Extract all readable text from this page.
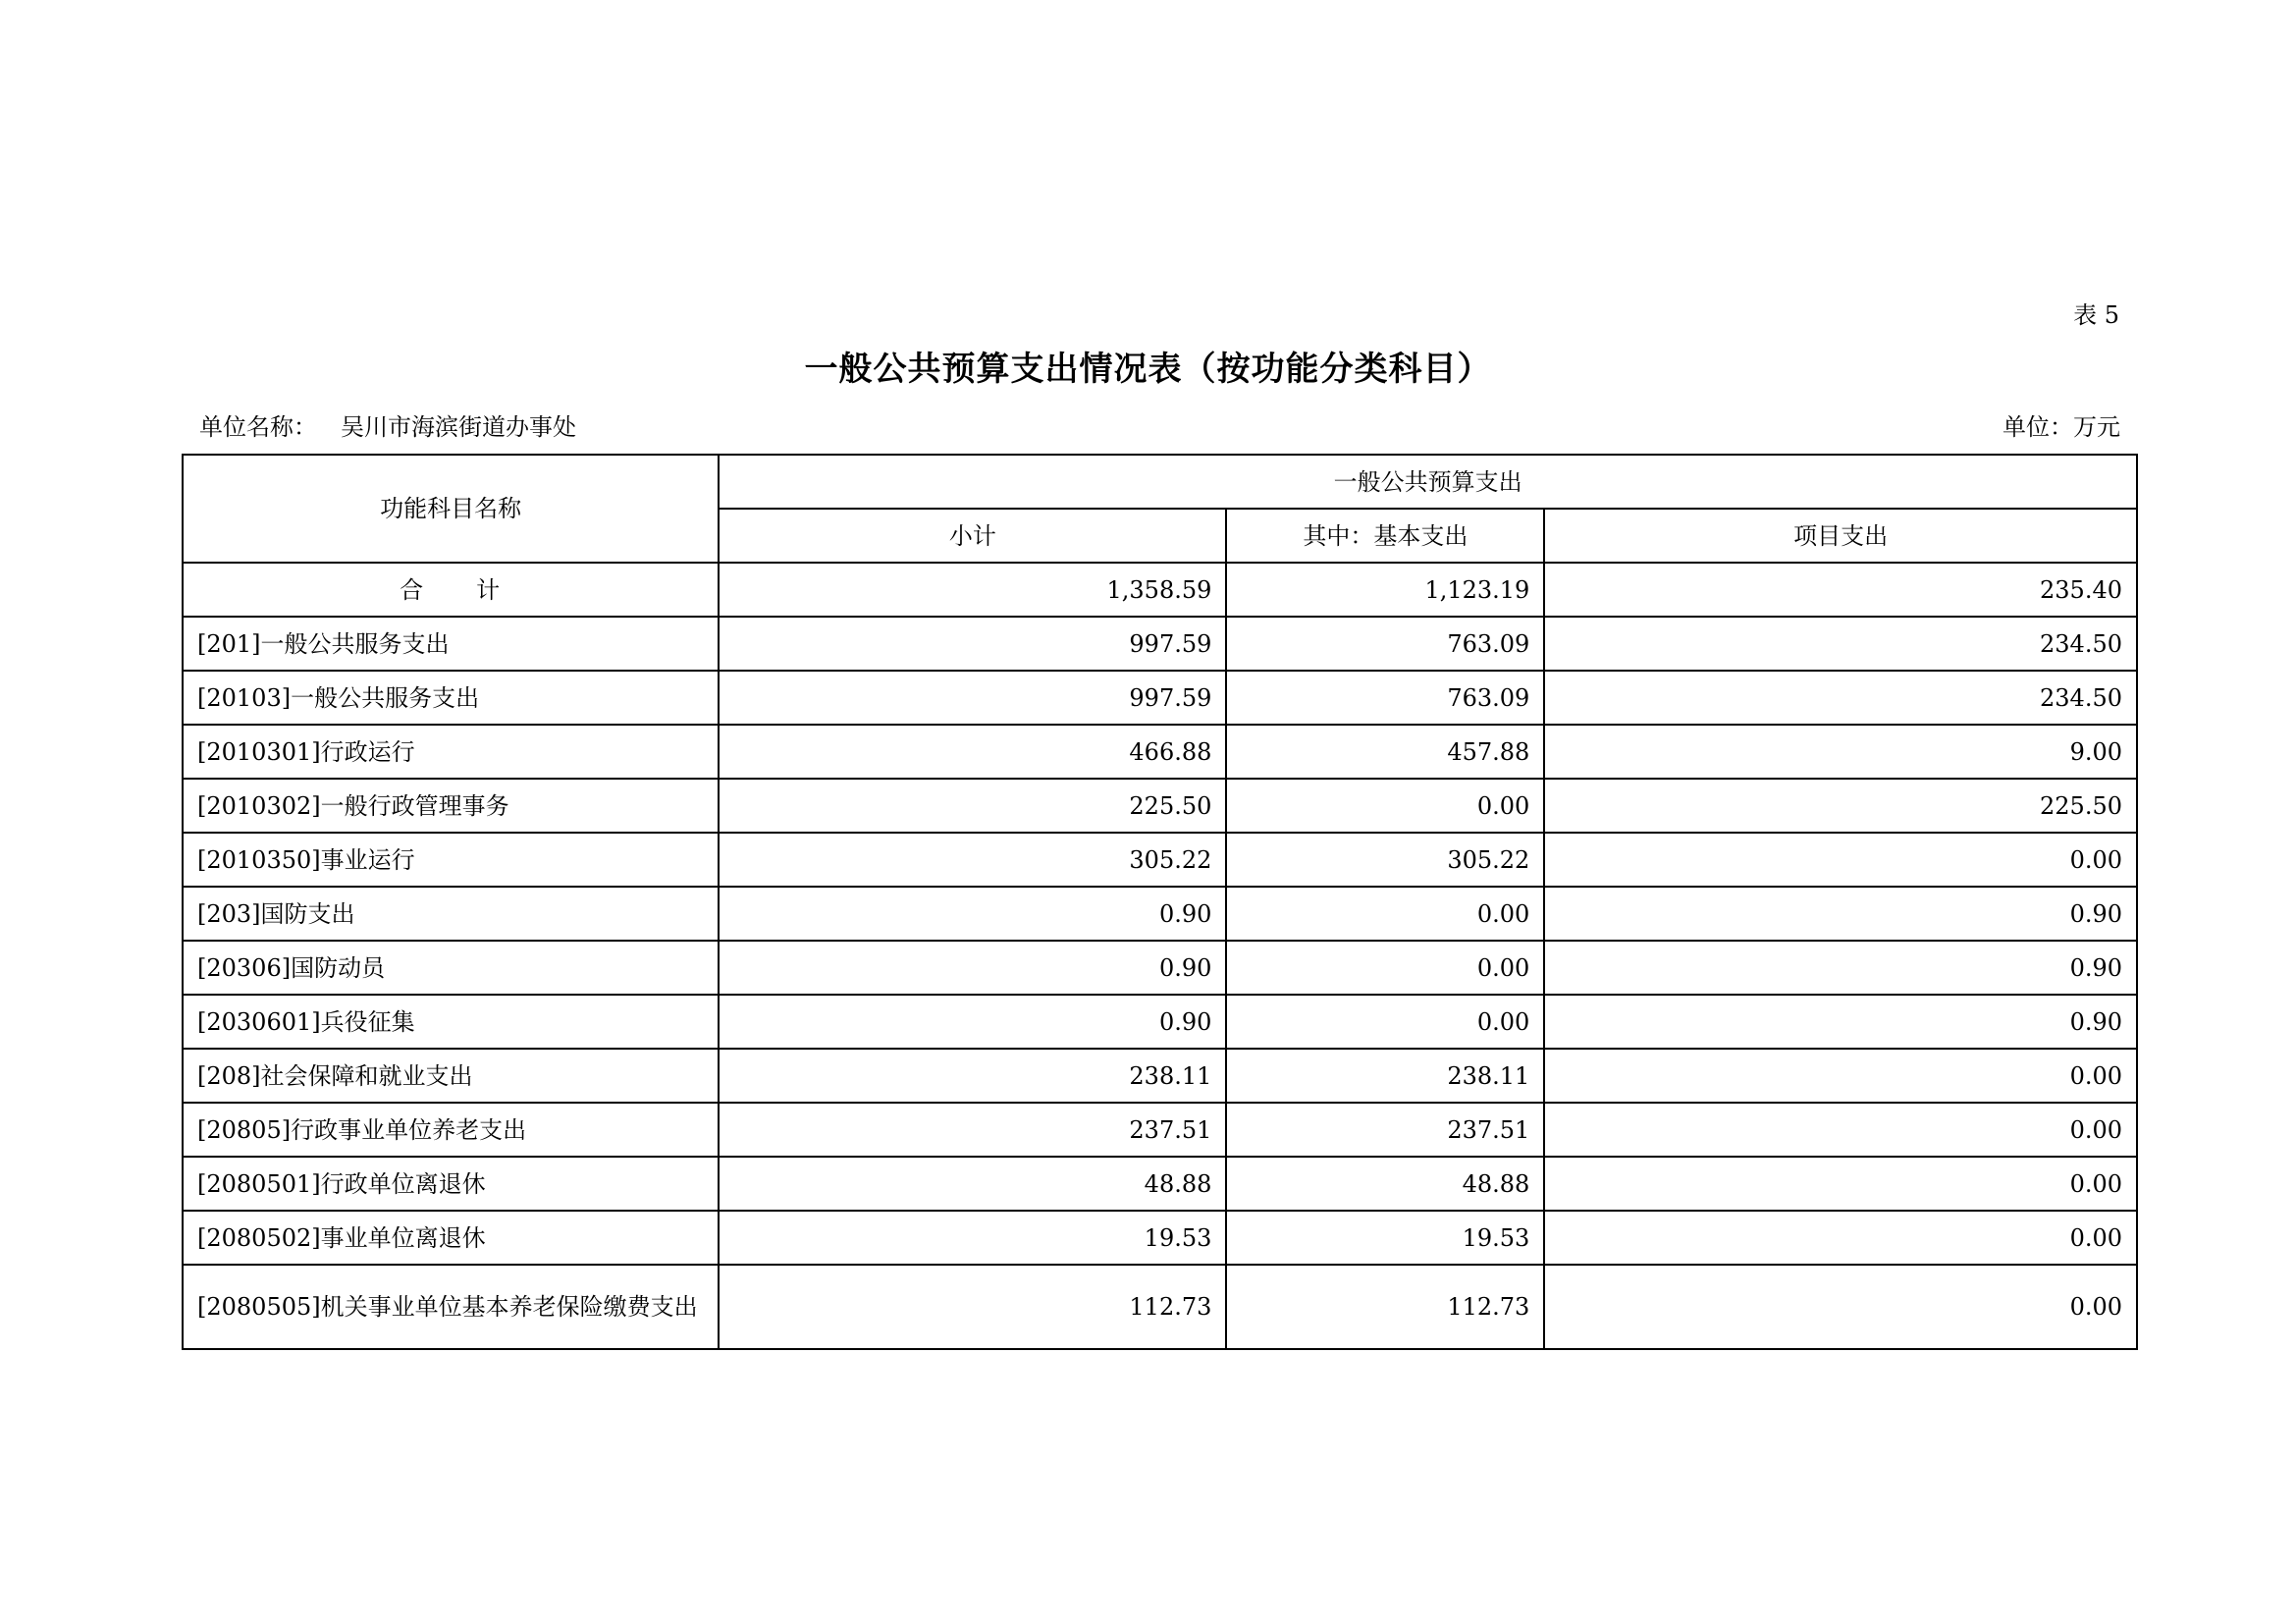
表 5
一般公共预算支出情况表（按功能分类科目）
单位名称： 吴川市海滨街道办事处	单位：万元
功能科目名称	一般公共预算支出		
	小计	其中：基本支出	项目支出
合　　计	1,358.59	1,123.19	235.40
[201]一般公共服务支出	997.59	763.09	234.50
[20103]一般公共服务支出	997.59	763.09	234.50
[2010301]行政运行	466.88	457.88	9.00
[2010302]一般行政管理事务	225.50	0.00	225.50
[2010350]事业运行	305.22	305.22	0.00
[203]国防支出	0.90	0.00	0.90
[20306]国防动员	0.90	0.00	0.90
[2030601]兵役征集	0.90	0.00	0.90
[208]社会保障和就业支出	238.11	238.11	0.00
[20805]行政事业单位养老支出	237.51	237.51	0.00
[2080501]行政单位离退休	48.88	48.88	0.00
[2080502]事业单位离退休	19.53	19.53	0.00
[2080505]机关事业单位基本养老保险缴费支出	112.73	112.73	0.00
